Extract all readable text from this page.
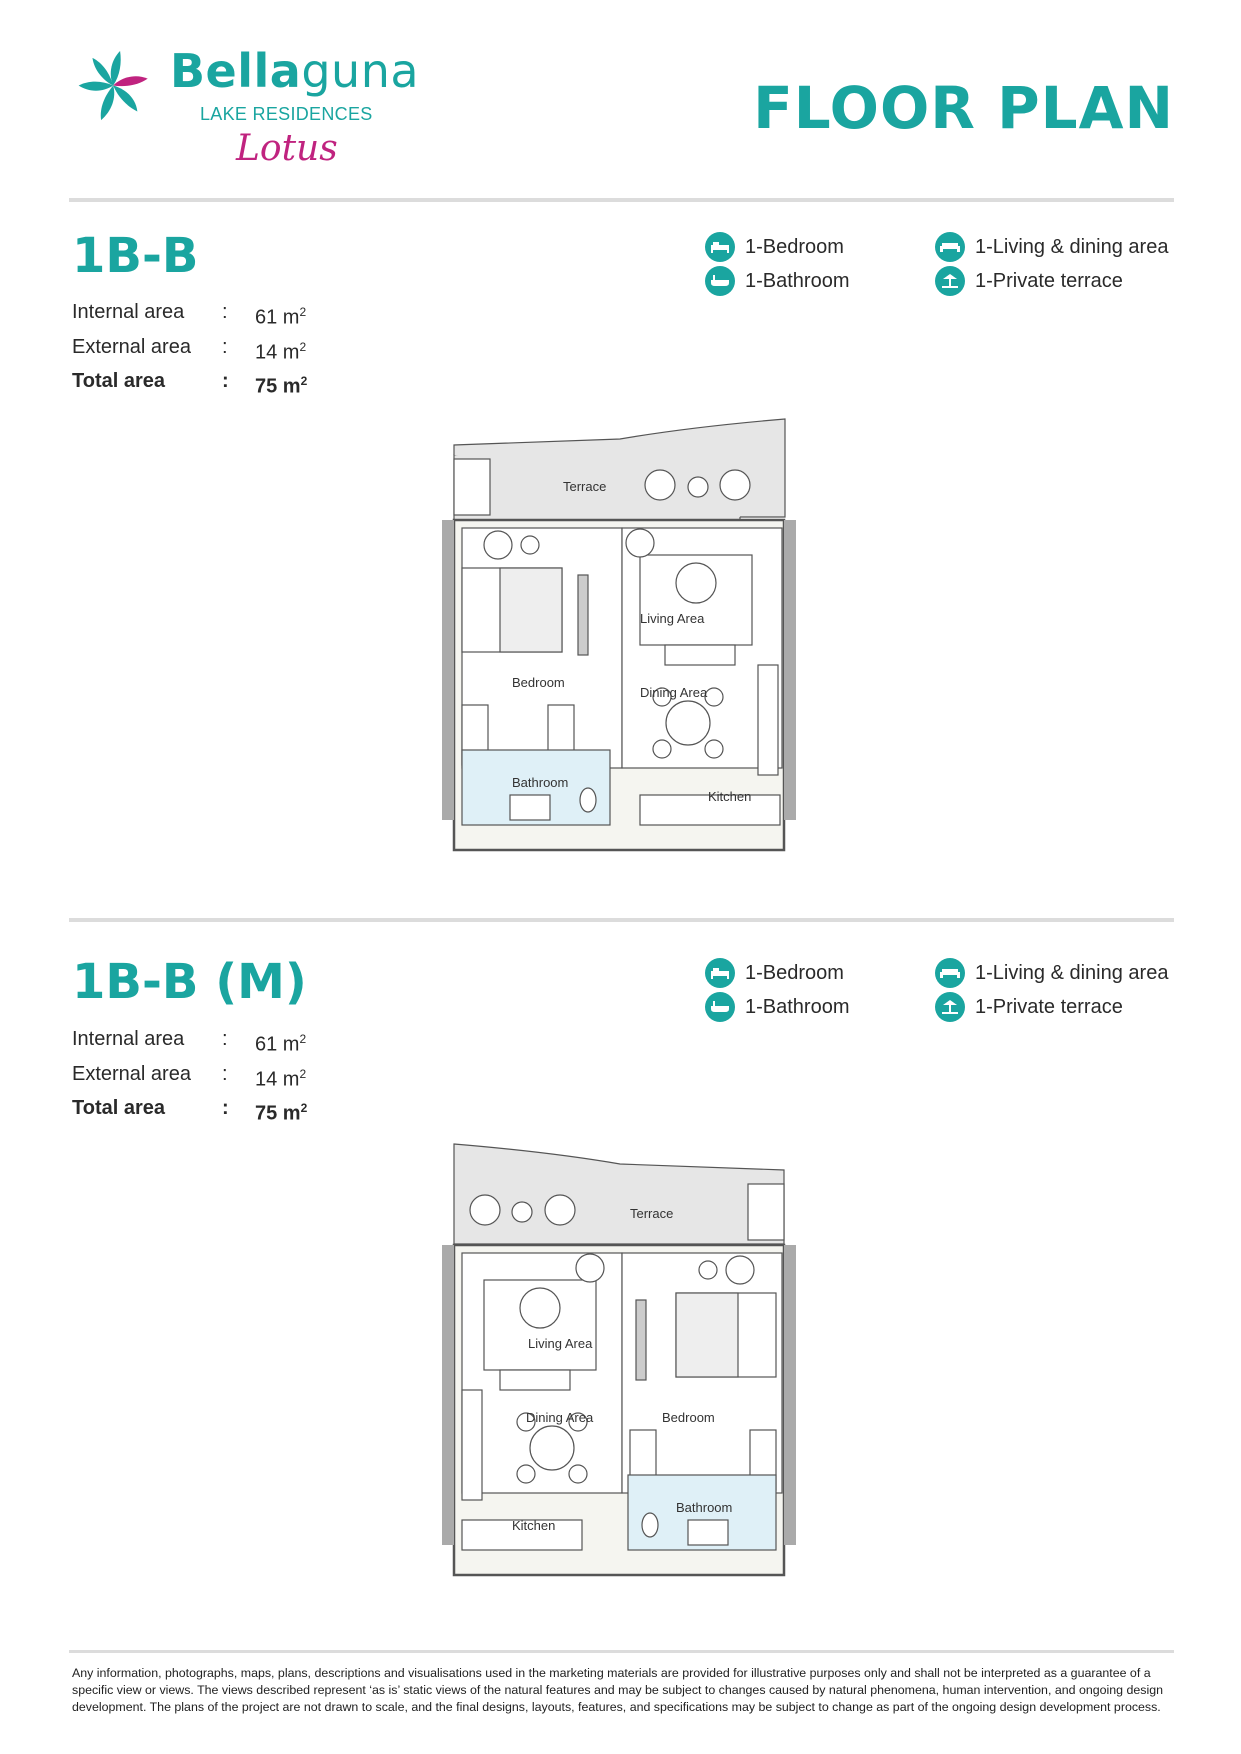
Bellaguna
LAKE RESIDENCES
Lotus
FLOOR PLAN
1B-B
Internal area	:	61 $m^2$
External area	:	14 $m^2$
Total area	:	75 $m^2$
1-Bedroom
1-Bathroom
1-Living & dining area
1-Private terrace
Terrace
Living Area
Bedroom
Dining Area
Bathroom
Kitchen
1B-B (M)
Internal area	:	61 $m^2$
External area	:	14 $m^2$
Total area	:	75 $m^2$
1-Bedroom
1-Bathroom
1-Living & dining area
1-Private terrace
Terrace
Living Area
Dining Area	Bedroom
Kitchen
Bathroom
Any information, photographs, maps, plans, descriptions and visualisations used in the marketing materials are provided for illustrative purposes only and shall not be interpreted as a guarantee of a specific view or views. The views described represent ‘as is’ static views of the natural features and may be subject to changes caused by natural phenomena, human intervention, and ongoing design development. The plans of the project are not drawn to scale, and the final designs, layouts, features, and specifications may be subject to change as part of the ongoing design development process.
